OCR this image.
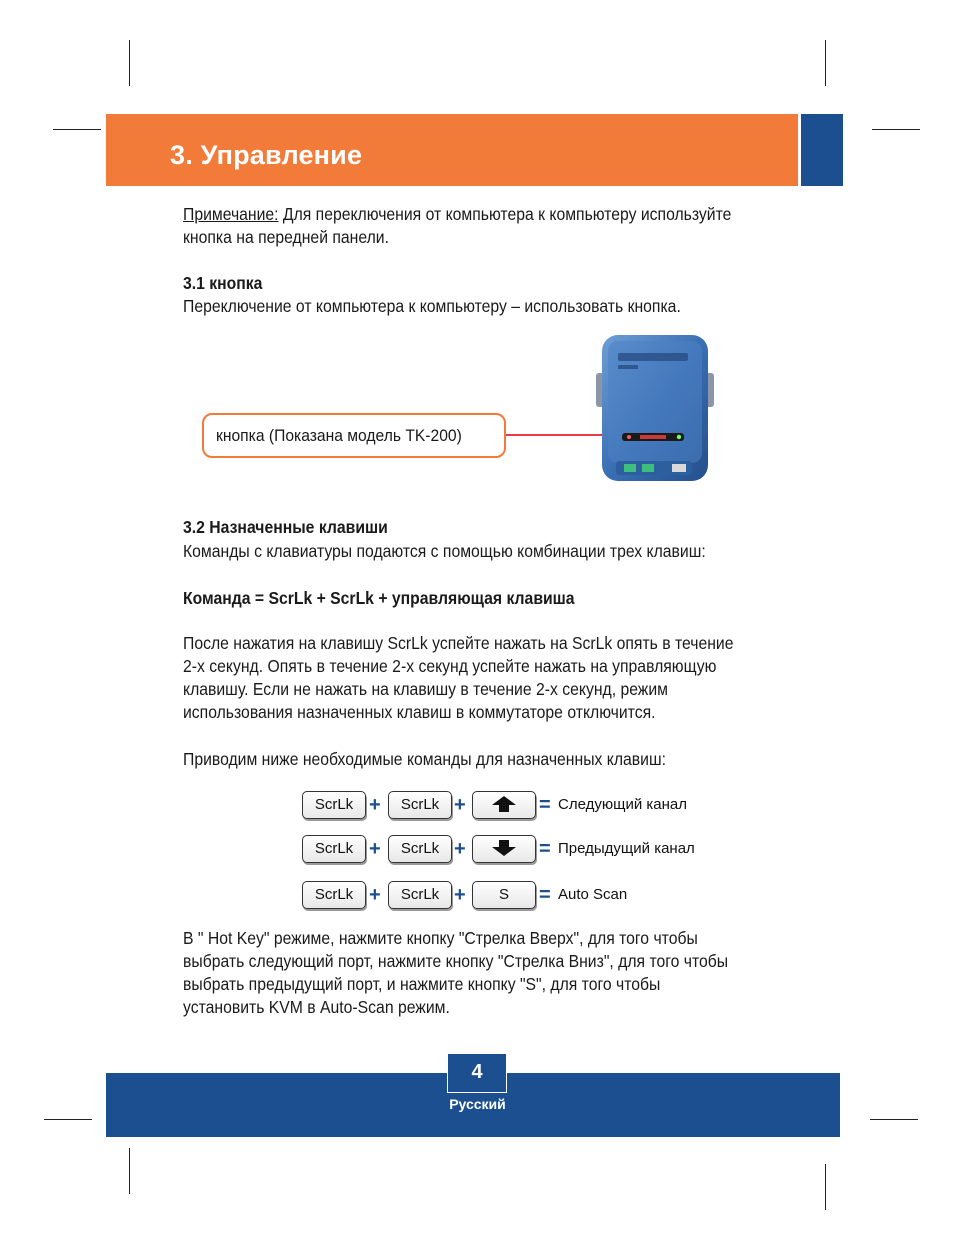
3. Управление
Примечание: Для переключения от компьютера к компьютеру используйте
кнопка на передней панели.
3.1 кнопка
Переключение от компьютера к компьютеру – использовать кнопка.
кнопка (Показана модель TK-200)
3.2 Назначенные клавиши
Команды с клавиатуры подаются с помощью комбинации трех клавиш:
Команда = ScrLk + ScrLk + управляющая клавиша
После нажатия на клавишу ScrLk успейте нажать на ScrLk опять в течение
2-х секунд. Опять в течение 2-х секунд успейте нажать на управляющую
клавишу. Если не нажать на клавишу в течение 2-х секунд, режим
использования назначенных клавиш в коммутаторе отключится.
Приводим ниже необходимые команды для назначенных клавиш:
ScrLk +	ScrLk +	= Следующий канал
ScrLk +	ScrLk +	= Предыдущий канал
ScrLk +	ScrLk +	S	= Auto Scan
В " Hot Key" режиме, нажмите кнопку "Стрелка Вверх", для того чтобы
выбрать следующий порт, нажмите кнопку "Стрелка Вниз", для того чтобы
выбрать предыдущий порт, и нажмите кнопку "S", для того чтобы
установить KVM в Auto-Scan режим.
4
Русский
